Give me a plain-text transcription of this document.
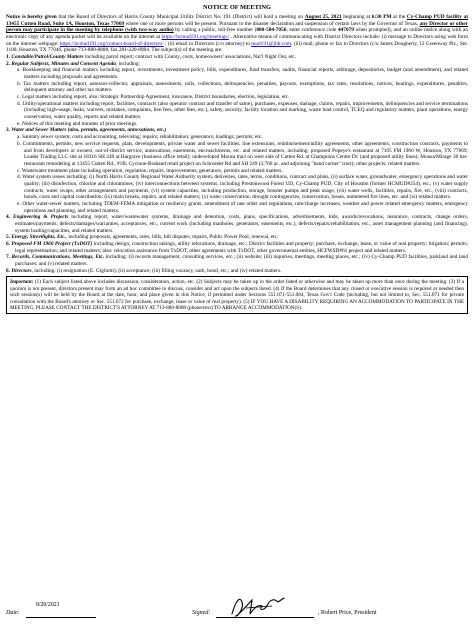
NOTICE OF MEETING

Notice is hereby given that the Board of Directors of Harris County Municipal Utility District No. 191 (District) will hold a meeting on August 25, 2021 beginning at 6:30 PM at the Cy-Champ PUD facility at 13455 Cutten Road, Suite 1A, Houston, Texas 77069 where one or more persons will be present. Pursuant to the disaster declaration and suspension of certain laws by the Governor of Texas, any Director or other person may participate in the meeting by telephone (with two-way audio) by calling a public, toll-free number (800-504-7056; enter conference code 447079 when prompted), and an online notice along with an electronic copy of any agenda packet will be available on the internet at https://hcmud191.org/meetings/ . Alternative means of communicating with District Directors include: (i) message to Directors using web form on the internet webpage: https://hcmud191.org/contact-board-of-directors/ ; (ii) email to Directors (c/o attorney) to mud191@jldr.com; (iii) mail, phone or fax to Directors (c/o James Dougherty, 12 Greenway Plz., Ste. 1100, Houston, TX 77046, phone 713-880-8808, fax 281-220-8984. The subject(s) of the meeting are:

1. Constable/Patrol/County Matters including patrol report; contract with County, costs, homeowners' associations, Nat'l Night Out, etc.

2. Regular Subjects, Minutes and Consent Agenda, including:

a. Bookkeeping and financial matters including report, investments, investment policy, bills, expenditures, fund transfers, audits, financial reports, arbitrage, depositories, budget (and amendment), and related matters including proposals and agreements.

b. Tax matters including report, assessor-collector, appraisals, assessments, rolls, collections, delinquencies, penalties, payouts, exemptions, tax rates, resolutions, notices, hearings, expenditures, penalties, delinquent attorney and other tax matters.

c. Legal matters including report, also: Strategic Partnership Agreement, insurance, District boundaries, election, legislation, etc.

d. Utility/operational matters including report, facilities, contracts (also operator contract and transfer of same), purchases, expenses, damage, claims, repairs, improvements, delinquencies and service terminations (including high-usage, leaks, waivers, mistakes, complaints, lien fees, other fees, etc.), safety, security, facility location and marking, waste load control, TCEQ and regulatory matters, plant operations, energy conservation, water quality, reports and related matters.

e. Notices of this meeting and minutes of prior meetings.

3. Water and Sewer Matters (also, permits, agreements, annexations, etc.)

a. Sanitary sewer system; costs and accounting; televising; repairs; rehabilitation; generators; loadings; permits; etc.

b. Commitments, permits, new service requests, plats, developments, private water and sewer facilities, line extensions, reimbursement/utility agreements, other agreements, construction contracts, payments to and from developers or owners, out-of-district service, annexations, easements, encroachments, etc. and related matters, including: proposed Popeye's restaurant at 7105 FM 1960 W, Houston, TX 77069; Leader Trading LLC site at 18316 SH 249 at Hargrave (business office retail); undeveloped Mousa tract on west side of Cutten Rd. at Champions Centre Dr. (and proposed utility lines); Mousa/Mirage 38 bar-restaurant remodeling at 13455 Cutten Rd., #1B; Cyclone-Braband retail project on Schroeder Rd and SH 249 (3.766 ac. and adjoining "hand corner" tract); other projects; related matters.

c. Wastewater treatment plant including operation, regulation, repairs, improvements, generators, permits and related matters.

d. Water system issues including: (i) North Harris County Regional Water Authority system, deliveries, rates, terms, conditions, contract and plans, (ii) surface water, groundwater, emergency operations and water quality; (iii) disinfection, chlorine and chloramines, (iv) interconnections between systems, including Prestonwood Forest UD, Cy-Champ PUD, City of Houston (former HCMUD#254), etc., (v) water supply contracts, water swaps, other arrangements and payments, (vi) system capacities, including production, storage, booster pumps and peak usage, (vii) water wells, facilities, repairs, fire, etc., (viii) contracts, bonds, costs and capital contribution; (ix) main breaks, repairs, and related matters; (x) water conservation, drought contingencies, conservation, losses, unmetered fire lines, etc. and (xi) related matters.

e. Other water-sewer matters, including TDEM-FEMA mitigation or resiliency grants, amendment of rate order and regulations, rate/charge increases, weather and power related emergency matters, emergency operations and planning, and related matters.

4. Engineering & Projects including report, water/wastewater systems, drainage and detention, costs, plans, specifications, advertisements, bids, awards/revocations, insurance, contracts, change orders, estimates/payments, defects/damages/warranties, acceptances, etc., current work (including manholes, generators, easements, etc.), defects/repairs/rehabilitation, etc., asset management planning (and financing), system loading/capacities, and related matters.

5. Energy, Streetlights, Etc., including proposals, agreements, rates, bills, bill disputes, repairs, Public Power Pool, renewal, etc.

6. Proposed FM 1960 Project (TxDOT) including design, construction takings, utility relocations, drainage, etc.; District facilities and property; purchase, exchange, lease, or value of real property; litigation; permits; legal representation; and related matters; also: relocation assistance from TxDOT, other agreements with TxDOT, other governmental entities, HCFWSD#61 project and related matters.

7. Records, Communications, Meetings, Etc. including: (i) records management, consulting services, etc.; (ii) website; (iii) inquiries, meetings, meeting places, etc.; (iv) Cy-Champ PUD facilities, parkland and land purchases; and (v) related matters.

8. Directors, including: (i) resignation (E. Gigliotti); (ii) acceptance; (iii) filling vacancy, oath, bond, etc.; and (iv) related matters.

Important: (1) Each subject listed above includes discussion, consideration, action, etc. (2) Subjects may be taken up in the order listed or otherwise and may be taken up more than once during the meeting. (3) If a quorum is not present, directors present may form an ad hoc committee to discuss, consider and act upon the subjects listed. (4) If the Board determines that any closed or executive session is required or needed then such session(s) will be held by the Board at the date, hour, and place given in this Notice, if permitted under Sections 551.071-551.084, Texas Gov't Code (including, but not limited to, Sec. 551.071 for private consultation with the Board's attorney or Sec. 551.072 for purchase, exchange, lease or value of real property). (5) IF YOU HAVE A DISABILITY REQUIRING AN ACCOMMODATION TO PARTICIPATE IN THE MEETING, PLEASE CONTACT THE DISTRICT'S ATTORNEY AT 713-880-8808 (phone/text) TO ARRANGE ACCOMMODATION(S).
Date:
8/20/2021
Signed:	, Robert Price, President
